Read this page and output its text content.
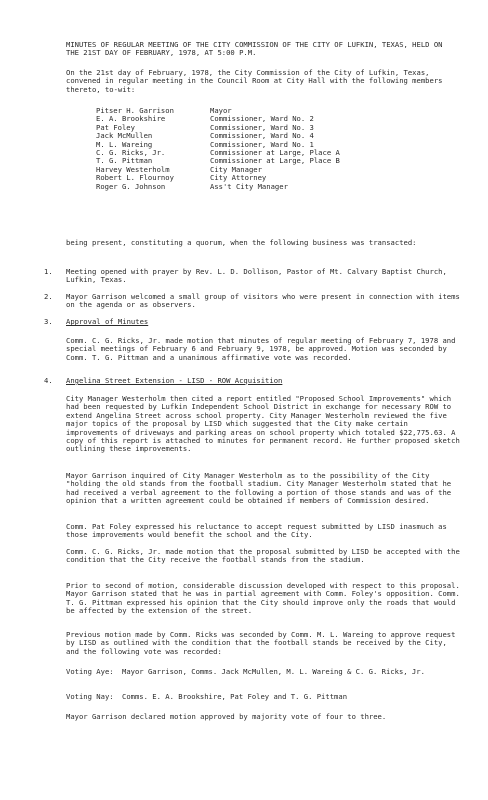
MINUTES OF REGULAR MEETING OF THE CITY COMMISSION OF THE CITY OF LUFKIN, TEXAS, HELD ON THE 21ST DAY OF FEBRUARY, 1978, AT 5:00 P.M.

On the 21st day of February, 1978, the City Commission of the City of Lufkin, Texas, convened in regular meeting in the Council Room at City Hall with the following members thereto, to-wit:

Pitser H. Garrison	Mayor
E. A. Brookshire	Commissioner, Ward No. 2
Pat Foley	Commissioner, Ward No. 3
Jack McMullen	Commissioner, Ward No. 4
M. L. Wareing	Commissioner, Ward No. 1
C. G. Ricks, Jr.	Commissioner at Large, Place A
T. G. Pittman	Commissioner at Large, Place B
Harvey Westerholm	City Manager
Robert L. Flournoy	City Attorney
Roger G. Johnson	Ass't City Manager

being present, constituting a quorum, when the following business was transacted:

1.	Meeting opened with prayer by Rev. L. D. Dollison, Pastor of Mt. Calvary Baptist Church, Lufkin, Texas.
2.	Mayor Garrison welcomed a small group of visitors who were present in connection with items on the agenda or as observers.
3.	Approval of Minutes

Comm. C. G. Ricks, Jr. made motion that minutes of regular meeting of February 7, 1978 and special meetings of February 6 and February 9, 1978, be approved. Motion was seconded by Comm. T. G. Pittman and a unanimous affirmative vote was recorded.

4.	Angelina Street Extension - LISD - ROW Acquisition

City Manager Westerholm then cited a report entitled "Proposed School Improvements" which had been requested by Lufkin Independent School District in exchange for necessary ROW to extend Angelina Street across school property. City Manager Westerholm reviewed the five major topics of the proposal by LISD which suggested that the City make certain improvements of driveways and parking areas on school property which totaled $22,775.63. A copy of this report is attached to minutes for permanent record. He further proposed sketch outlining these improvements.

Mayor Garrison inquired of City Manager Westerholm as to the possibility of the City "holding the old stands from the football stadium. City Manager Westerholm stated that he had received a verbal agreement to the following a portion of those stands and was of the opinion that a written agreement could be obtained if members of Commission desired.

Comm. Pat Foley expressed his reluctance to accept request submitted by LISD inasmuch as those improvements would benefit the school and the City.

Comm. C. G. Ricks, Jr. made motion that the proposal submitted by LISD be accepted with the condition that the City receive the football stands from the stadium.

Prior to second of motion, considerable discussion developed with respect to this proposal. Mayor Garrison stated that he was in partial agreement with Comm. Foley's opposition. Comm. T. G. Pittman expressed his opinion that the City should improve only the roads that would be affected by the extension of the street.

Previous motion made by Comm. Ricks was seconded by Comm. M. L. Wareing to approve request by LISD as outlined with the condition that the football stands be received by the City, and the following vote was recorded:

Voting Aye:	Mayor Garrison, Comms. Jack McMullen, M. L. Wareing & C. G. Ricks, Jr.
Voting Nay:	Comms. E. A. Brookshire, Pat Foley and T. G. Pittman

Mayor Garrison declared motion approved by majority vote of four to three.
